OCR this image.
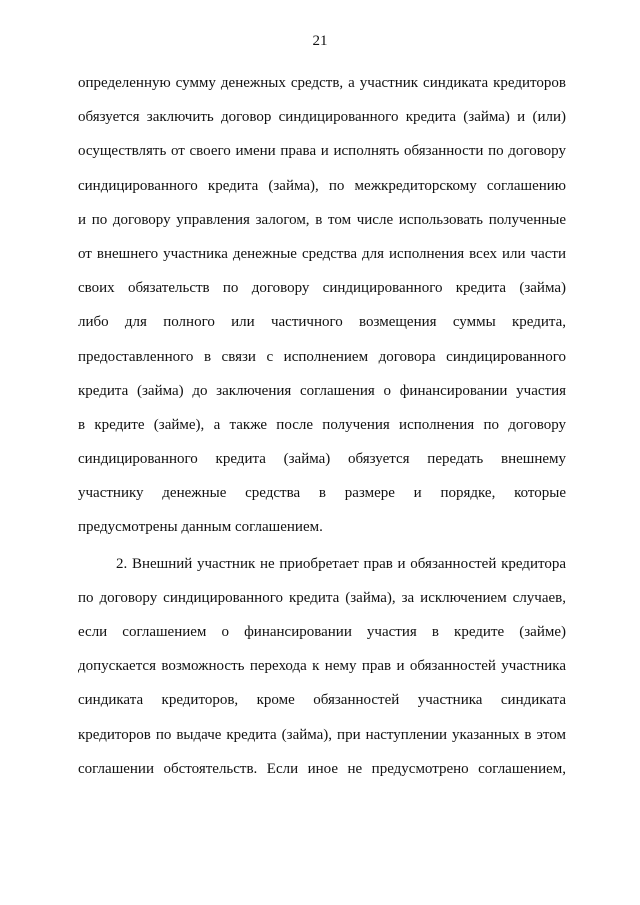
21
определенную сумму денежных средств, а участник синдиката кредиторов
обязуется заключить договор синдицированного кредита (займа) и (или)
осуществлять от своего имени права и исполнять обязанности по договору
синдицированного кредита (займа), по межкредиторскому соглашению
и по договору управления залогом, в том числе использовать полученные
от внешнего участника денежные средства для исполнения всех или части
своих обязательств по договору синдицированного кредита (займа)
либо для полного или частичного возмещения суммы кредита,
предоставленного в связи с исполнением договора синдицированного
кредита (займа) до заключения соглашения о финансировании участия
в кредите (займе), а также после получения исполнения по договору
синдицированного кредита (займа) обязуется передать внешнему
участнику денежные средства в размере и порядке, которые
предусмотрены данным соглашением.
2. Внешний участник не приобретает прав и обязанностей кредитора
по договору синдицированного кредита (займа), за исключением случаев,
если соглашением о финансировании участия в кредите (займе)
допускается возможность перехода к нему прав и обязанностей участника
синдиката кредиторов, кроме обязанностей участника синдиката
кредиторов по выдаче кредита (займа), при наступлении указанных в этом
соглашении обстоятельств. Если иное не предусмотрено соглашением,
